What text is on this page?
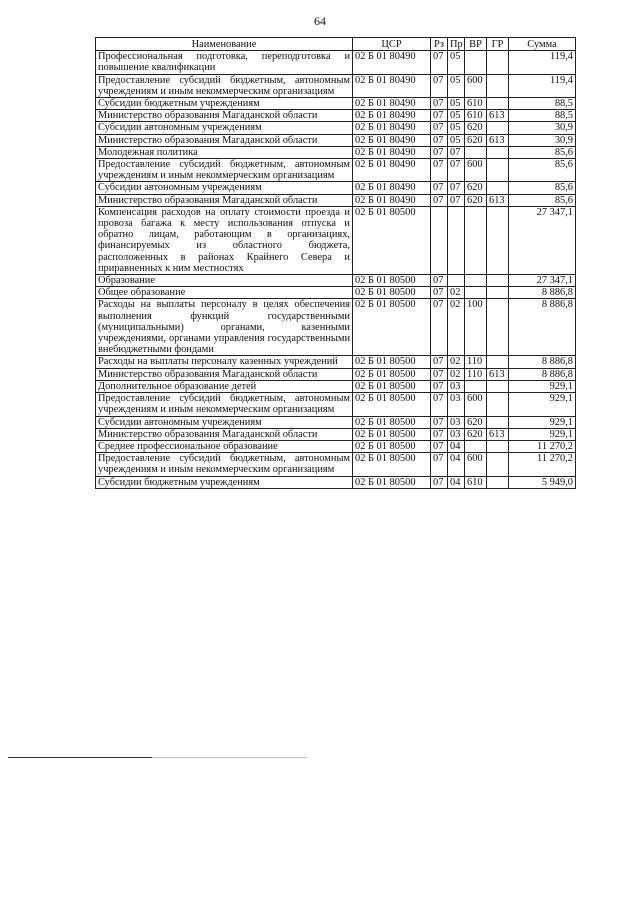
64
Наименование	ЦСР	Рз	Пр	ВР	ГР	Сумма
Профессиональная подготовка, переподготовка и повышение квалификации	02 Б 01 80490	07	05			119,4
Предоставление субсидий бюджетным, автономным учреждениям и иным некоммерческим организациям	02 Б 01 80490	07	05	600		119,4
Субсидии бюджетным учреждениям	02 Б 01 80490	07	05	610		88,5
Министерство образования Магаданской области	02 Б 01 80490	07	05	610	613	88,5
Субсидии автономным учреждениям	02 Б 01 80490	07	05	620		30,9
Министерство образования Магаданской области	02 Б 01 80490	07	05	620	613	30,9
Молодежная политика	02 Б 01 80490	07	07			85,6
Предоставление субсидий бюджетным, автономным учреждениям и иным некоммерческим организациям	02 Б 01 80490	07	07	600		85,6
Субсидии автономным учреждениям	02 Б 01 80490	07	07	620		85,6
Министерство образования Магаданской области	02 Б 01 80490	07	07	620	613	85,6
Компенсация расходов на оплату стоимости проезда и провоза багажа к месту использования отпуска и обратно лицам, работающим в организациях, финансируемых из областного бюджета, расположенных в районах Крайнего Севера и приравненных к ним местностях	02 Б 01 80500					27 347,1
Образование	02 Б 01 80500	07				27 347,1
Общее образование	02 Б 01 80500	07	02			8 886,8
Расходы на выплаты персоналу в целях обеспечения выполнения функций государственными (муниципальными) органами, казенными учреждениями, органами управления государственными внебюджетными фондами	02 Б 01 80500	07	02	100		8 886,8
Расходы на выплаты персоналу казенных учреждений	02 Б 01 80500	07	02	110		8 886,8
Министерство образования Магаданской области	02 Б 01 80500	07	02	110	613	8 886,8
Дополнительное образование детей	02 Б 01 80500	07	03			929,1
Предоставление субсидий бюджетным, автономным учреждениям и иным некоммерческим организациям	02 Б 01 80500	07	03	600		929,1
Субсидии автономным учреждениям	02 Б 01 80500	07	03	620		929,1
Министерство образования Магаданской области	02 Б 01 80500	07	03	620	613	929,1
Среднее профессиональное образование	02 Б 01 80500	07	04			11 270,2
Предоставление субсидий бюджетным, автономным учреждениям и иным некоммерческим организациям	02 Б 01 80500	07	04	600		11 270,2
Субсидии бюджетным учреждениям	02 Б 01 80500	07	04	610		5 949,0
